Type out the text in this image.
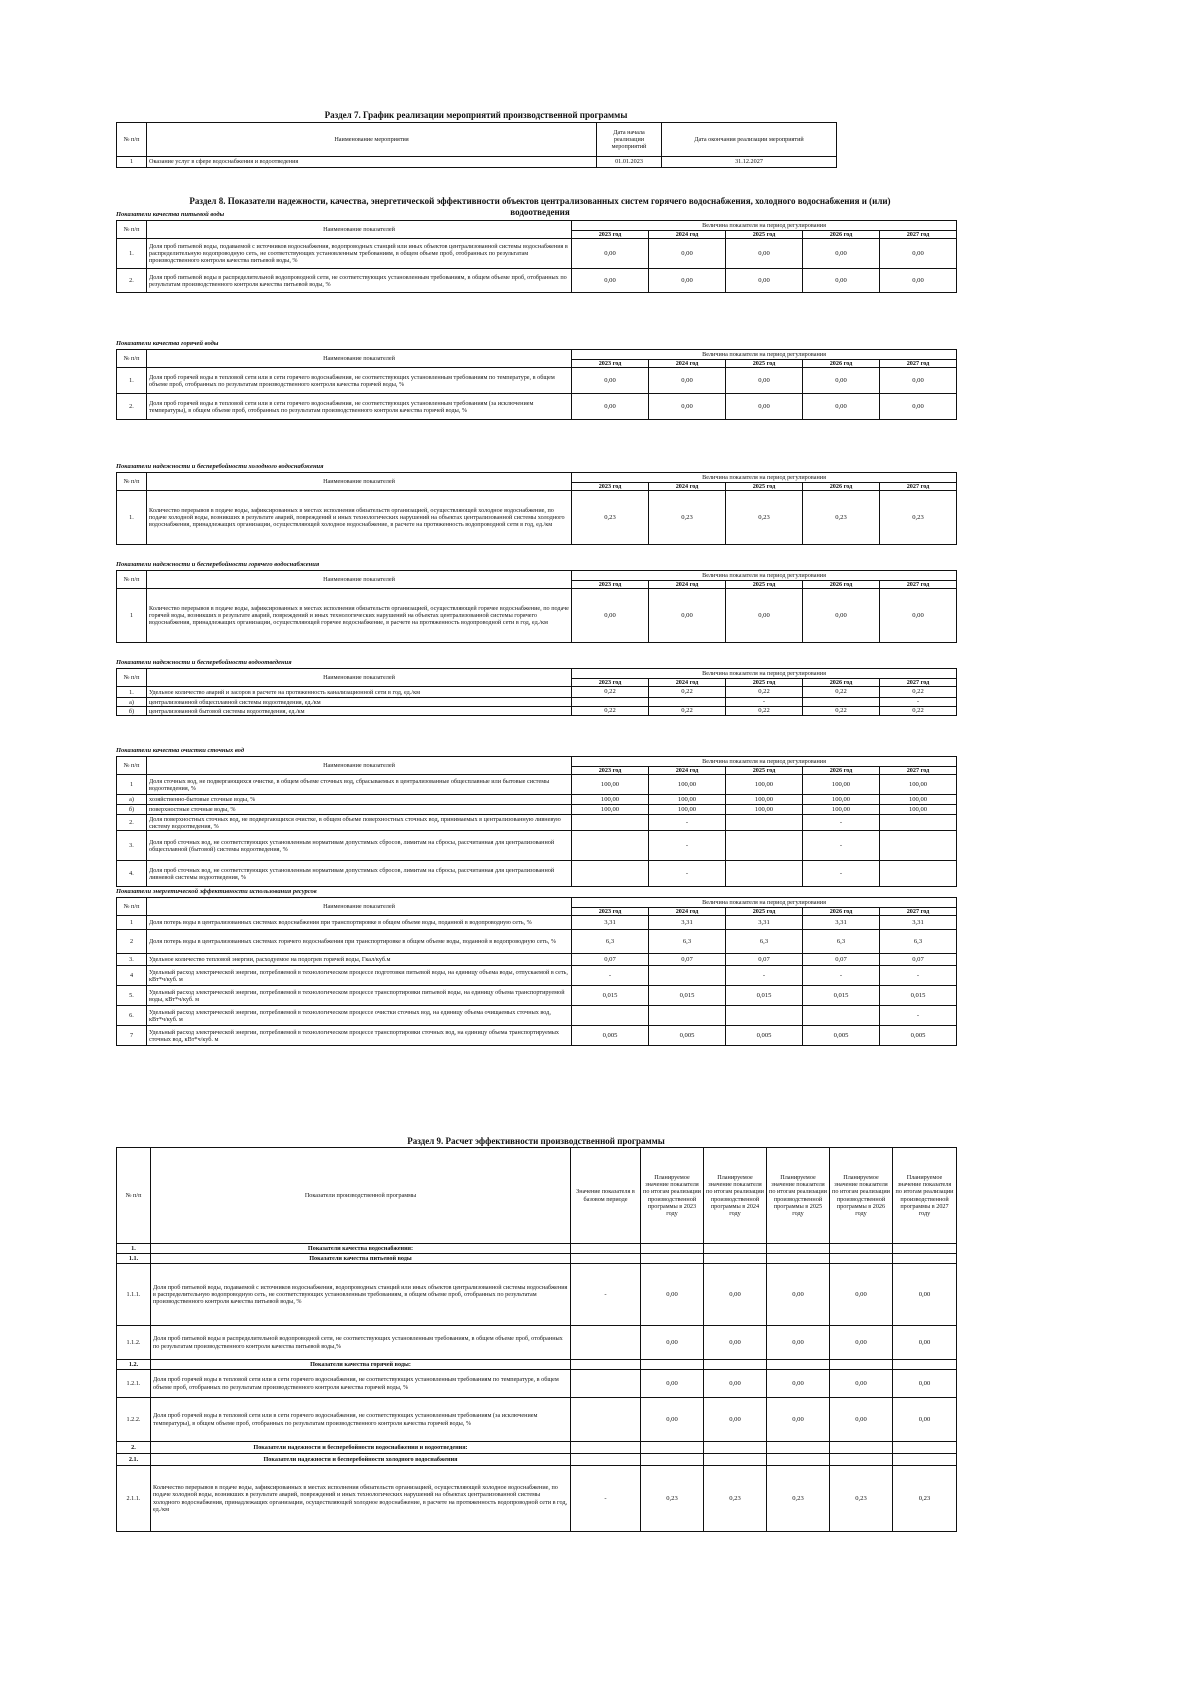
Раздел 7. График реализации мероприятий производственной программы
№ п/п	Наименование мероприятия	Дата начала реализации мероприятий	Дата окончания реализации мероприятий
1	Оказание услуг в сфере водоснабжения и водоотведения	01.01.2023	31.12.2027
Раздел 8. Показатели надежности, качества, энергетической эффективности объектов централизованных систем горячего водоснабжения, холодного водоснабжения и (или) водоотведения
Показатели качества питьевой воды
№ п/п	Наименование показателей	Величина показателя на период регулирования				
		2023 год	2024 год	2025 год	2026 год	2027 год
1.	Доля проб питьевой воды, подаваемой с источников водоснабжения, водопроводных станций или иных объектов централизованной системы водоснабжения в распределительную водопроводную сеть, не соответствующих установленным требованиям, в общем объеме проб, отобранных по результатам производственного контроля качества питьевой воды, %	0,00	0,00	0,00	0,00	0,00
2.	Доля проб питьевой воды в распределительной водопроводной сети, не соответствующих установленным требованиям, в общем объеме проб, отобранных по результатам производственного контроля качества питьевой воды, %	0,00	0,00	0,00	0,00	0,00
Показатели качества горячей воды
№ п/п	Наименование показателей	Величина показателя на период регулирования				
		2023 год	2024 год	2025 год	2026 год	2027 год
1.	Доля проб горячей воды в тепловой сети или в сети горячего водоснабжения, не соответствующих установленным требованиям по температуре, в общем объеме проб, отобранных по результатам производственного контроля качества горячей воды, %	0,00	0,00	0,00	0,00	0,00
2.	Доля проб горячей воды в тепловой сети или в сети горячего водоснабжения, не соответствующих установленным требованиям (за исключением температуры), в общем объеме проб, отобранных по результатам производственного контроля качества горячей воды, %	0,00	0,00	0,00	0,00	0,00
Показатели надежности и бесперебойности холодного водоснабжения
№ п/п	Наименование показателей	Величина показателя на период регулирования				
		2023 год	2024 год	2025 год	2026 год	2027 год
1.	Количество перерывов в подаче воды, зафиксированных в местах исполнения обязательств организацией, осуществляющей холодное водоснабжение, по подаче холодной воды, возникших в результате аварий, повреждений и иных технологических нарушений на объектах централизованной системы холодного водоснабжения, принадлежащих организации, осуществляющей холодное водоснабжение, в расчете на протяженность водопроводной сети в год, ед./км	0,23	0,23	0,23	0,23	0,23
Показатели надежности и бесперебойности горячего водоснабжения
№ п/п	Наименование показателей	Величина показателя на период регулирования				
		2023 год	2024 год	2025 год	2026 год	2027 год
1	Количество перерывов в подаче воды, зафиксированных в местах исполнения обязательств организацией, осуществляющей горячее водоснабжение, по подаче горячей воды, возникших в результате аварий, повреждений и иных технологических нарушений на объектах централизованной системы горячего водоснабжения, принадлежащих организации, осуществляющей горячее водоснабжение, в расчете на протяженность водопроводной сети в год, ед./км	0,00	0,00	0,00	0,00	0,00
Показатели надежности и бесперебойности водоотведения
№ п/п	Наименование показателей	Величина показателя на период регулирования				
		2023 год	2024 год	2025 год	2026 год	2027 год
1.	Удельное количество аварий и засоров в расчете на протяженность канализационной сети в год, ед./км	0,22	0,22	0,22	0,22	0,22
а)	централизованной общесплавной системы водоотведения, ед./км			-		-
б)	централизованной бытовой системы водоотведения, ед./км	0,22	0,22	0,22	0,22	0,22
Показатели качества очистки сточных вод
№ п/п	Наименование показателей	Величина показателя на период регулирования				
		2023 год	2024 год	2025 год	2026 год	2027 год
1	Доля сточных вод, не подвергающихся очистке, в общем объеме сточных вод, сбрасываемых в централизованные общесплавные или бытовые системы водоотведения, %	100,00	100,00	100,00	100,00	100,00
а)	хозяйственно-бытовые сточные воды, %	100,00	100,00	100,00	100,00	100,00
б)	поверхностные сточные воды, %	100,00	100,00	100,00	100,00	100,00
2.	Доля поверхностных сточных вод, не подвергающихся очистке, в общем объеме поверхностных сточных вод, принимаемых в централизованную ливневую систему водоотведения, %		-		-	
3.	Доля проб сточных вод, не соответствующих установленным нормативам допустимых сбросов, лимитам на сбросы, рассчитанная для централизованной общесплавной (бытовой) системы водоотведения, %		-		-	
4.	Доля проб сточных вод, не соответствующих установленным нормативам допустимых сбросов, лимитам на сбросы, рассчитанная для централизованной ливневой системы водоотведения, %		-		-	
Показатели энергетической эффективности использования ресурсов
№ п/п	Наименование показателей	Величина показателя на период регулирования				
		2023 год	2024 год	2025 год	2026 год	2027 год
1	Доля потерь воды в централизованных системах водоснабжения при транспортировке в общем объеме воды, поданной в водопроводную сеть, %	3,31	3,31	3,31	3,31	3,31
2	Доля потерь воды в централизованных системах горячего водоснабжения при транспортировке в общем объеме воды, поданной в водопроводную сеть, %	6,3	6,3	6,3	6,3	6,3
3.	Удельное количество тепловой энергии, расходуемое на подогрев горячей воды, Гкал/куб.м	0,07	0,07	0,07	0,07	0,07
4	Удельный расход электрической энергии, потребляемой в технологическом процессе подготовки питьевой воды, на единицу объема воды, отпускаемой в сеть, кВт*ч/куб. м	-		-	-	-
5.	Удельный расход электрической энергии, потребляемой в технологическом процессе транспортировки питьевой воды, на единицу объема транспортируемой воды, кВт*ч/куб. м	0,015	0,015	0,015	0,015	0,015
6.	Удельный расход электрической энергии, потребляемой в технологическом процессе очистки сточных вод, на единицу объема очищаемых сточных вод, кВт*ч/куб. м					-
7	Удельный расход электрической энергии, потребляемой в технологическом процессе транспортировки сточных вод, на единицу объема транспортируемых сточных вод, кВт*ч/куб. м	0,005	0,005	0,005	0,005	0,005
Раздел 9. Расчет эффективности производственной программы
№ п/п	Показатели производственной программы	Значение показателя в базовом периоде	Планируемое значение показателя по итогам реализации производственной программы в 2023 году	Планируемое значение показателя по итогам реализации производственной программы в 2024 году	Планируемое значение показателя по итогам реализации производственной программы в 2025 году	Планируемое значение показателя по итогам реализации производственной программы в 2026 году	Планируемое значение показателя по итогам реализации производственной программы в 2027 году
1.	Показатели качества водоснабжения:						
1.1.	Показатели качества питьевой воды						
1.1.1.	Доля проб питьевой воды, подаваемой с источников водоснабжения, водопроводных станций или иных объектов централизованной системы водоснабжения в распределительную водопроводную сеть, не соответствующих установленным требованиям, в общем объеме проб, отобранных по результатам производственного контроля качества питьевой воды, %	-	0,00	0,00	0,00	0,00	0,00
1.1.2.	Доля проб питьевой воды в распределительной водопроводной сети, не соответствующих установленным требованиям, в общем объеме проб, отобранных по результатам производственного контроля качества питьевой воды,%		0,00	0,00	0,00	0,00	0,00
1.2.	Показатели качества горячей воды:						
1.2.1.	Доля проб горячей воды в тепловой сети или в сети горячего водоснабжения, не соответствующих установленным требованиям по температуре, в общем объеме проб, отобранных по результатам производственного контроля качества горячей воды, %		0,00	0,00	0,00	0,00	0,00
1.2.2.	Доля проб горячей воды в тепловой сети или в сети горячего водоснабжения, не соответствующих установленным требованиям (за исключением температуры), в общем объеме проб, отобранных по результатам производственного контроля качества горячей воды, %		0,00	0,00	0,00	0,00	0,00
2.	Показатели надежности и бесперебойности водоснабжения и водоотведения:						
2.1.	Показатели надежности и бесперебойности холодного водоснабжения						
2.1.1.	Количество перерывов в подаче воды, зафиксированных в местах исполнения обязательств организацией, осуществляющей холодное водоснабжение, по подаче холодной воды, возникших в результате аварий, повреждений и иных технологических нарушений на объектах централизованной системы холодного водоснабжения, принадлежащих организации, осуществляющей холодное водоснабжение, в расчете на протяженность водопроводной сети в год, ед./км	-	0,23	0,23	0,23	0,23	0,23
